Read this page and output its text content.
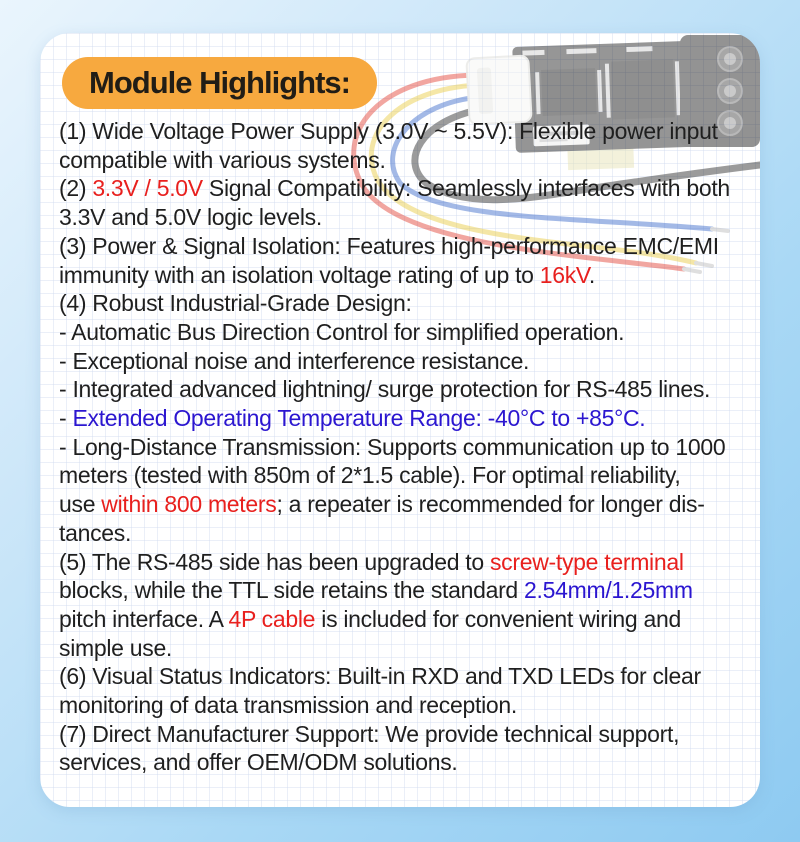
Module Highlights:
(1) Wide Voltage Power Supply (3.0V ~ 5.5V): Flexible power input
compatible with various systems.
(2) 3.3V / 5.0V Signal Compatibility: Seamlessly interfaces with both
3.3V and 5.0V logic levels.
(3) Power & Signal Isolation: Features high-performance EMC/EMI
immunity with an isolation voltage rating of up to 16kV.
(4) Robust Industrial-Grade Design:
- Automatic Bus Direction Control for simplified operation.
- Exceptional noise and interference resistance.
- Integrated advanced lightning/ surge protection for RS-485 lines.
- Extended Operating Temperature Range: -40°C to +85°C.
- Long-Distance Transmission: Supports communication up to 1000
meters (tested with 850m of 2*1.5 cable). For optimal reliability,
use within 800 meters; a repeater is recommended for longer dis-
tances.
(5) The RS-485 side has been upgraded to screw-type terminal
blocks, while the TTL side retains the standard 2.54mm/1.25mm
pitch interface. A 4P cable is included for convenient wiring and
simple use.
(6) Visual Status Indicators: Built-in RXD and TXD LEDs for clear
monitoring of data transmission and reception.
(7) Direct Manufacturer Support: We provide technical support,
services, and offer OEM/ODM solutions.
